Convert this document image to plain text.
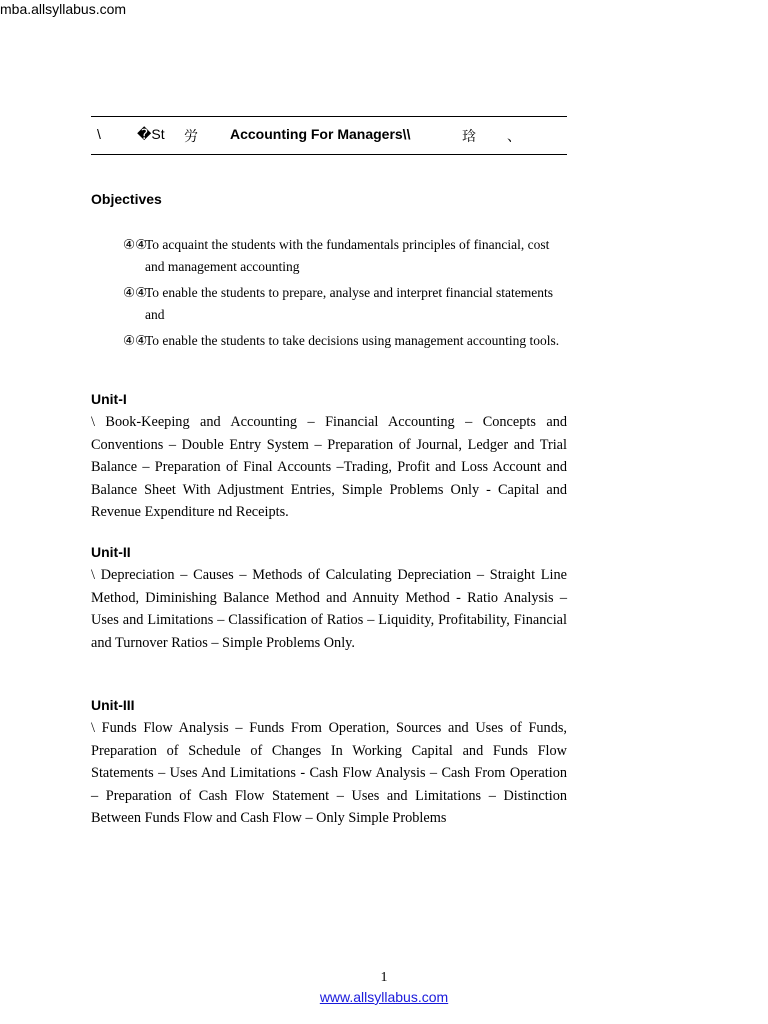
mba.allsyllabus.com
\	�St 労 Accounting For Managers\\	琀 、
Objectives

④④To acquaint the students with the fundamentals principles of financial, cost and management accounting

④④To enable the students to prepare, analyse and interpret financial statements and

④④To enable the students to take decisions using management accounting tools.

Unit-I

\ Book-Keeping and Accounting – Financial Accounting – Concepts and Conventions – Double Entry System – Preparation of Journal, Ledger and Trial Balance – Preparation of Final Accounts –Trading, Profit and Loss Account and Balance Sheet With Adjustment Entries, Simple Problems Only - Capital and Revenue Expenditure nd Receipts.

Unit-II

\ Depreciation – Causes – Methods of Calculating Depreciation – Straight Line Method, Diminishing Balance Method and Annuity Method - Ratio Analysis – Uses and Limitations – Classification of Ratios – Liquidity, Profitability, Financial and Turnover Ratios – Simple Problems Only.

Unit-III

\ Funds Flow Analysis – Funds From Operation, Sources and Uses of Funds, Preparation of Schedule of Changes In Working Capital and Funds Flow Statements – Uses And Limitations - Cash Flow Analysis – Cash From Operation – Preparation of Cash Flow Statement – Uses and Limitations – Distinction Between Funds Flow and Cash Flow – Only Simple Problems

1
www.allsyllabus.com
